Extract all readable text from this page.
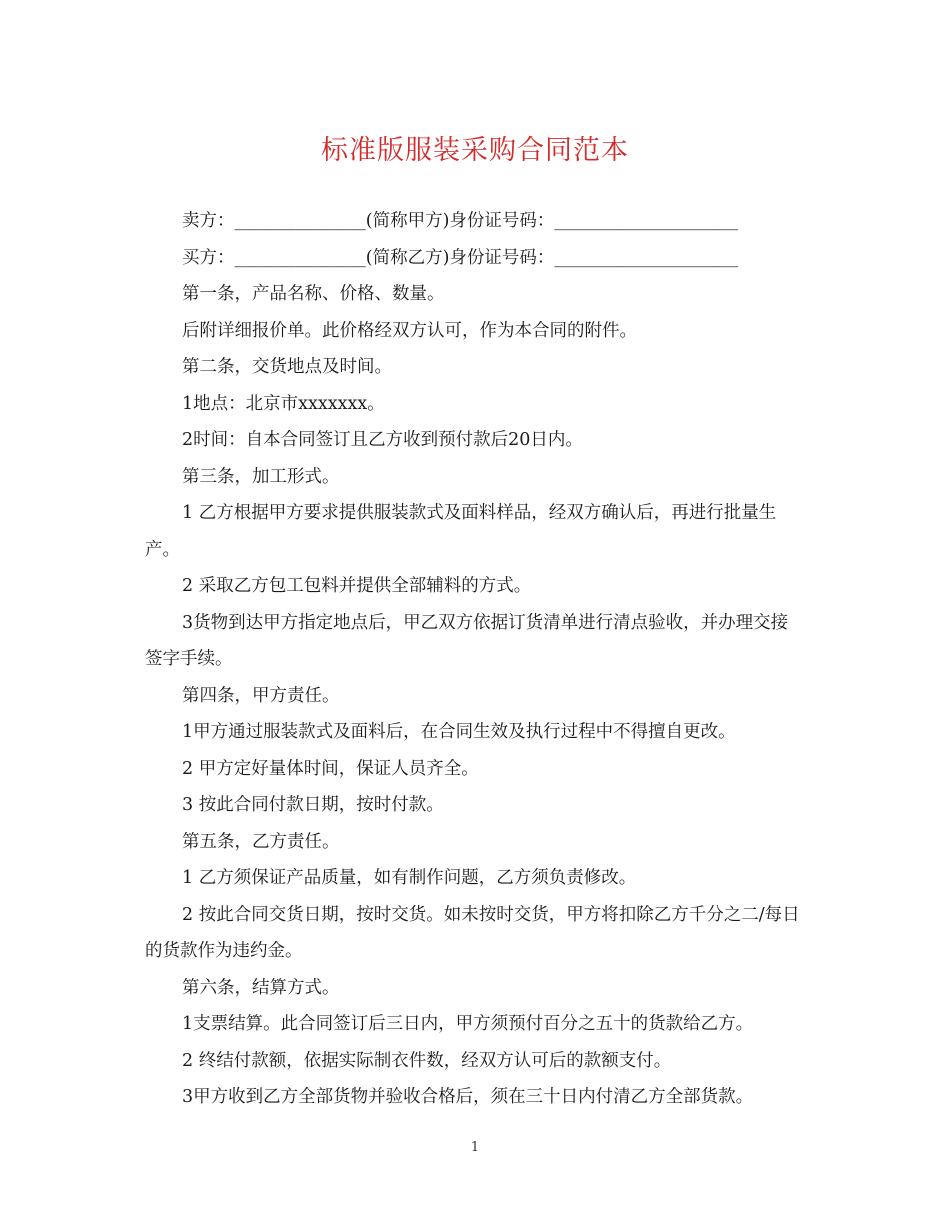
标准版服装采购合同范本

卖方：_______________(简称甲方)身份证号码：_____________________

买方：_______________(简称乙方)身份证号码：_____________________

第一条，产品名称、价格、数量。

后附详细报价单。此价格经双方认可，作为本合同的附件。

第二条，交货地点及时间。

1地点：北京市xxxxxxx。

2时间：自本合同签订且乙方收到预付款后20日内。

第三条，加工形式。

1 乙方根据甲方要求提供服装款式及面料样品，经双方确认后，再进行批量生产。

2 采取乙方包工包料并提供全部辅料的方式。

3货物到达甲方指定地点后，甲乙双方依据订货清单进行清点验收，并办理交接签字手续。

第四条，甲方责任。

1甲方通过服装款式及面料后，在合同生效及执行过程中不得擅自更改。

2 甲方定好量体时间，保证人员齐全。

3 按此合同付款日期，按时付款。

第五条，乙方责任。

1 乙方须保证产品质量，如有制作问题，乙方须负责修改。

2 按此合同交货日期，按时交货。如未按时交货，甲方将扣除乙方千分之二/每日的货款作为违约金。

第六条，结算方式。

1支票结算。此合同签订后三日内，甲方须预付百分之五十的货款给乙方。

2 终结付款额，依据实际制衣件数，经双方认可后的款额支付。

3甲方收到乙方全部货物并验收合格后，须在三十日内付清乙方全部货款。

1
